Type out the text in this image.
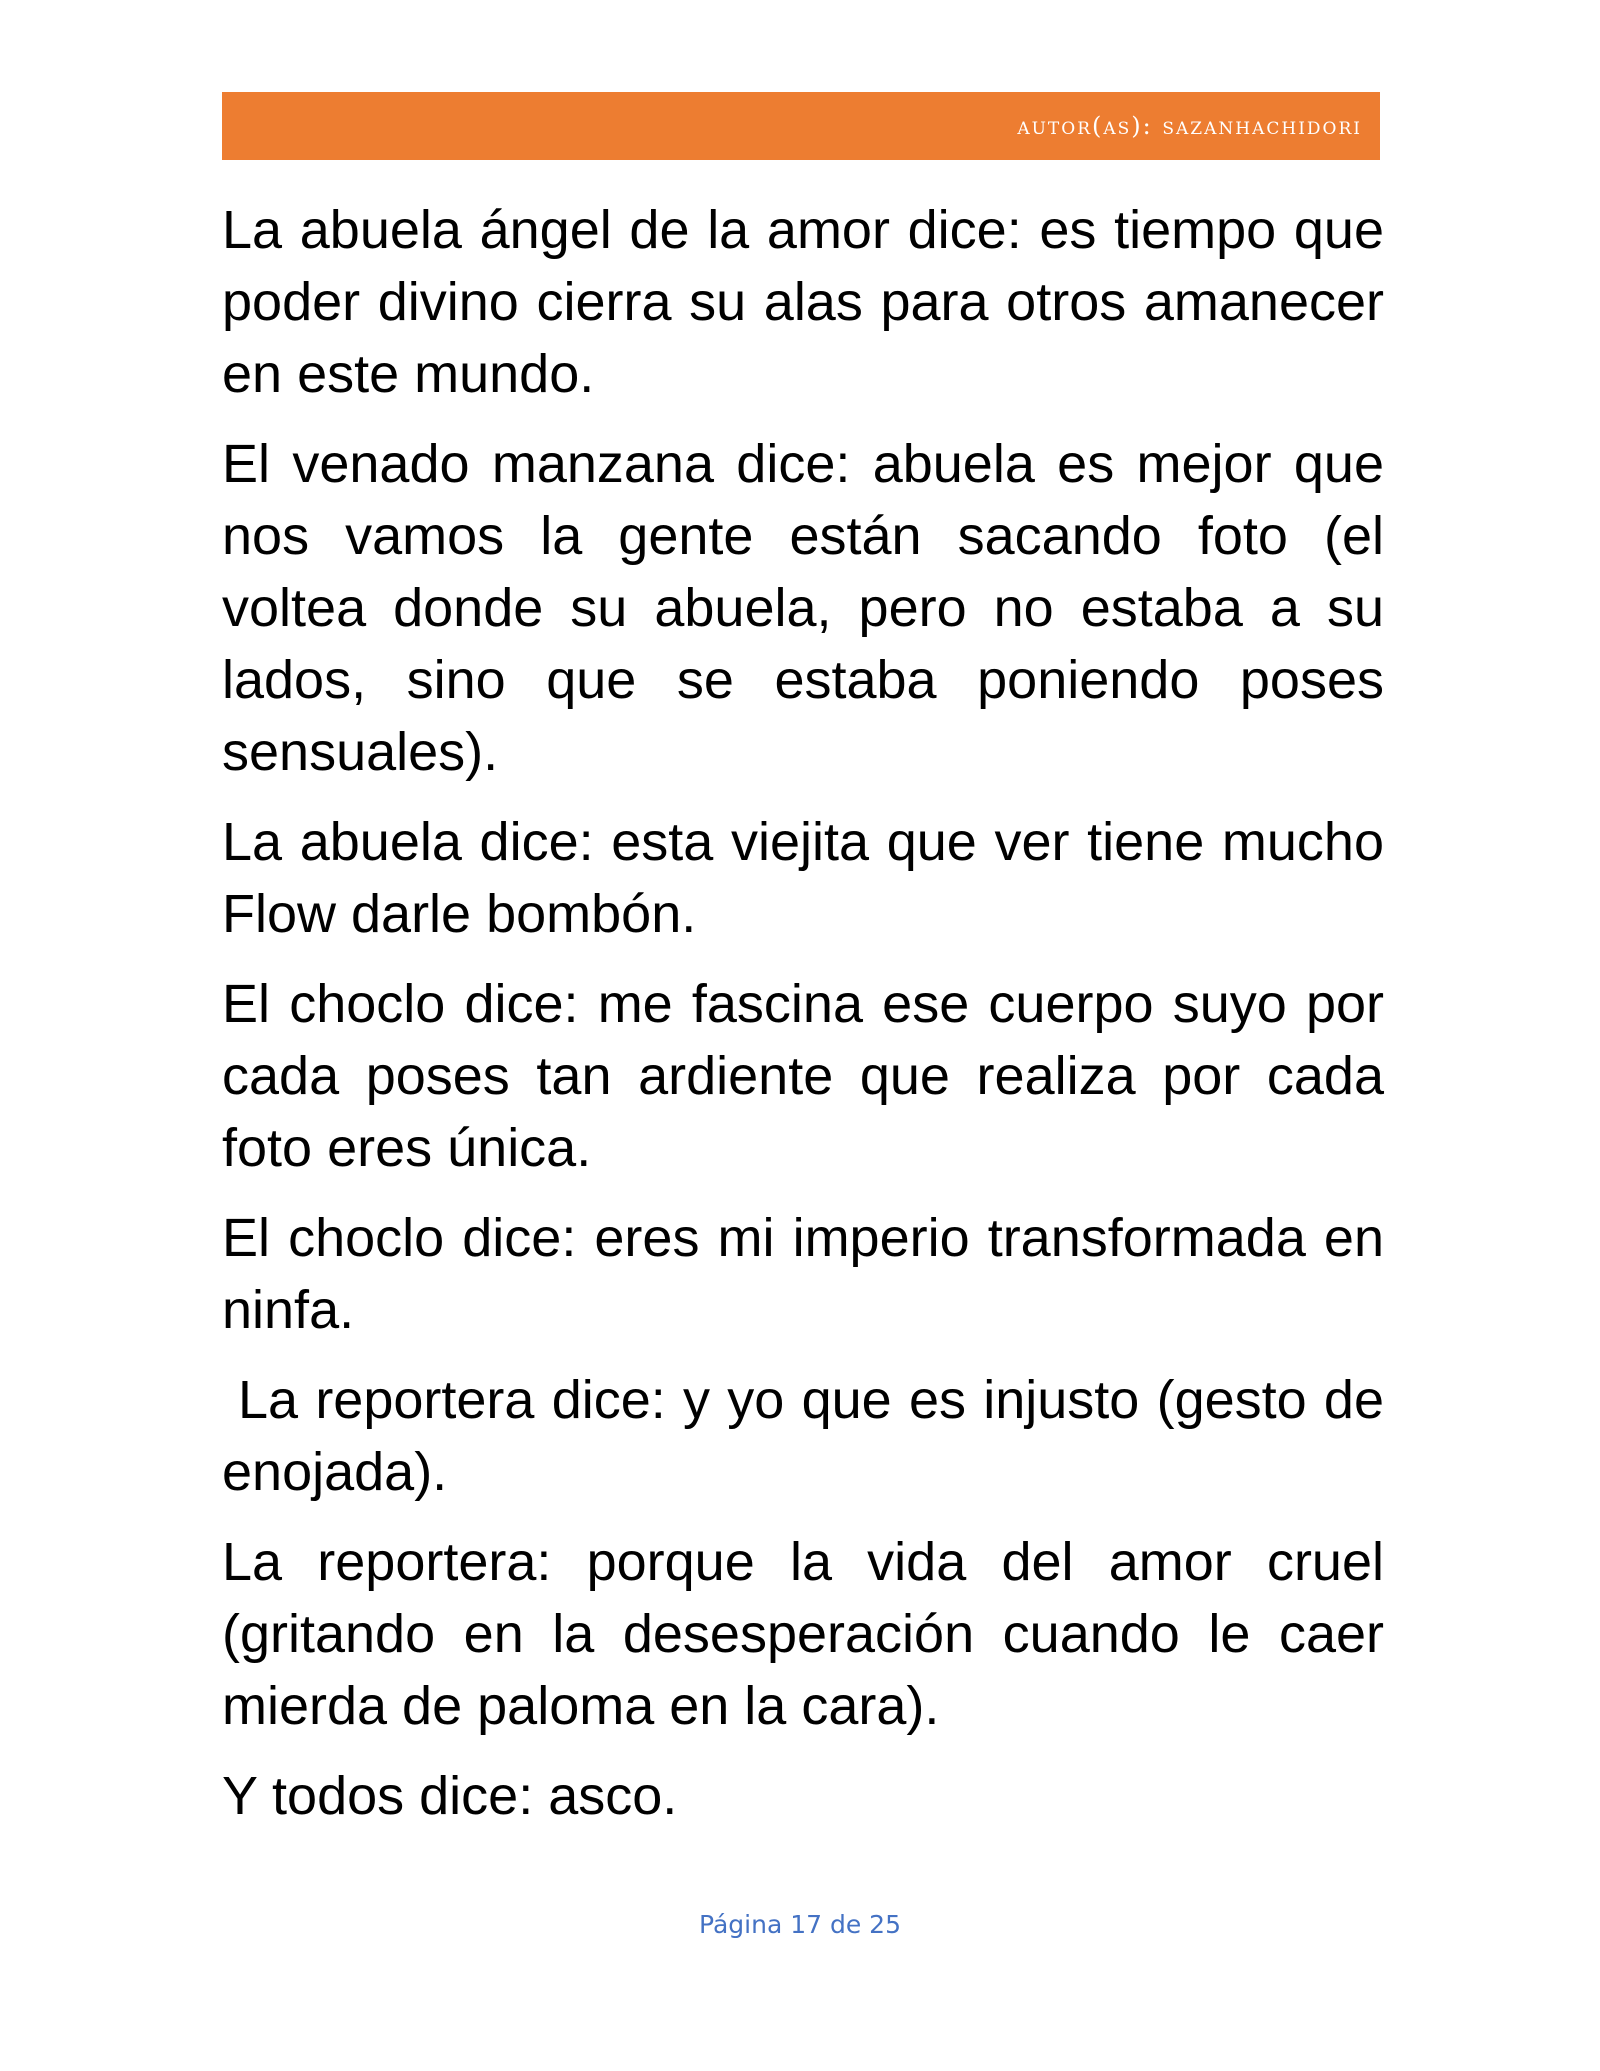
autor(as): sazanhachidori

La abuela ángel de la amor dice: es tiempo que poder divino cierra su alas para otros amanecer en este mundo.

El venado manzana dice: abuela es mejor que nos vamos la gente están sacando foto (el voltea donde su abuela, pero no estaba a su lados, sino que se estaba poniendo poses sensuales).

La abuela dice: esta viejita que ver tiene mucho Flow darle bombón.

El choclo dice: me fascina ese cuerpo suyo por cada poses tan ardiente que realiza por cada foto eres única.

El choclo dice: eres mi imperio transformada en ninfa.

La reportera dice: y yo que es injusto (gesto de enojada).

La reportera: porque la vida del amor cruel (gritando en la desesperación cuando le caer mierda de paloma en la cara).

Y todos dice: asco.

Página 17 de 25
